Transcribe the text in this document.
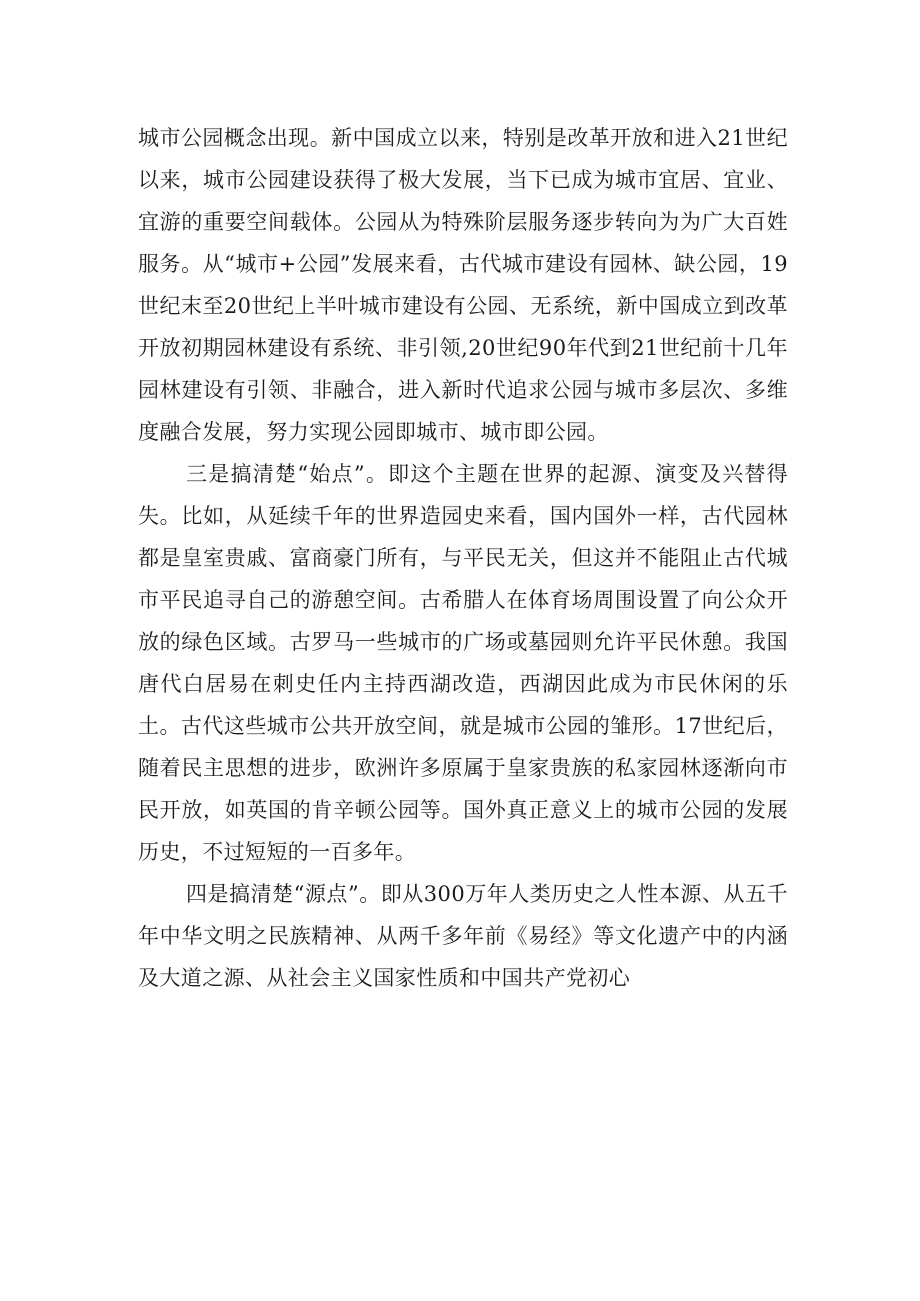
城市公园概念出现。新中国成立以来，特别是改革开放和进入21世纪以来，城市公园建设获得了极大发展，当下已成为城市宜居、宜业、宜游的重要空间载体。公园从为特殊阶层服务逐步转向为为广大百姓服务。从“城市+公园”发展来看，古代城市建设有园林、缺公园，19世纪末至20世纪上半叶城市建设有公园、无系统，新中国成立到改革开放初期园林建设有系统、非引领,20世纪90年代到21世纪前十几年园林建设有引领、非融合，进入新时代追求公园与城市多层次、多维度融合发展，努力实现公园即城市、城市即公园。

三是搞清楚“始点”。即这个主题在世界的起源、演变及兴替得失。比如，从延续千年的世界造园史来看，国内国外一样，古代园林都是皇室贵戚、富商豪门所有，与平民无关，但这并不能阻止古代城市平民追寻自己的游憩空间。古希腊人在体育场周围设置了向公众开放的绿色区域。古罗马一些城市的广场或墓园则允许平民休憩。我国唐代白居易在刺史任内主持西湖改造，西湖因此成为市民休闲的乐土。古代这些城市公共开放空间，就是城市公园的雏形。17世纪后，随着民主思想的进步，欧洲许多原属于皇家贵族的私家园林逐渐向市民开放，如英国的肯辛顿公园等。国外真正意义上的城市公园的发展历史，不过短短的一百多年。

四是搞清楚“源点”。即从300万年人类历史之人性本源、从五千年中华文明之民族精神、从两千多年前《易经》等文化遗产中的内涵及大道之源、从社会主义国家性质和中国共产党初心
